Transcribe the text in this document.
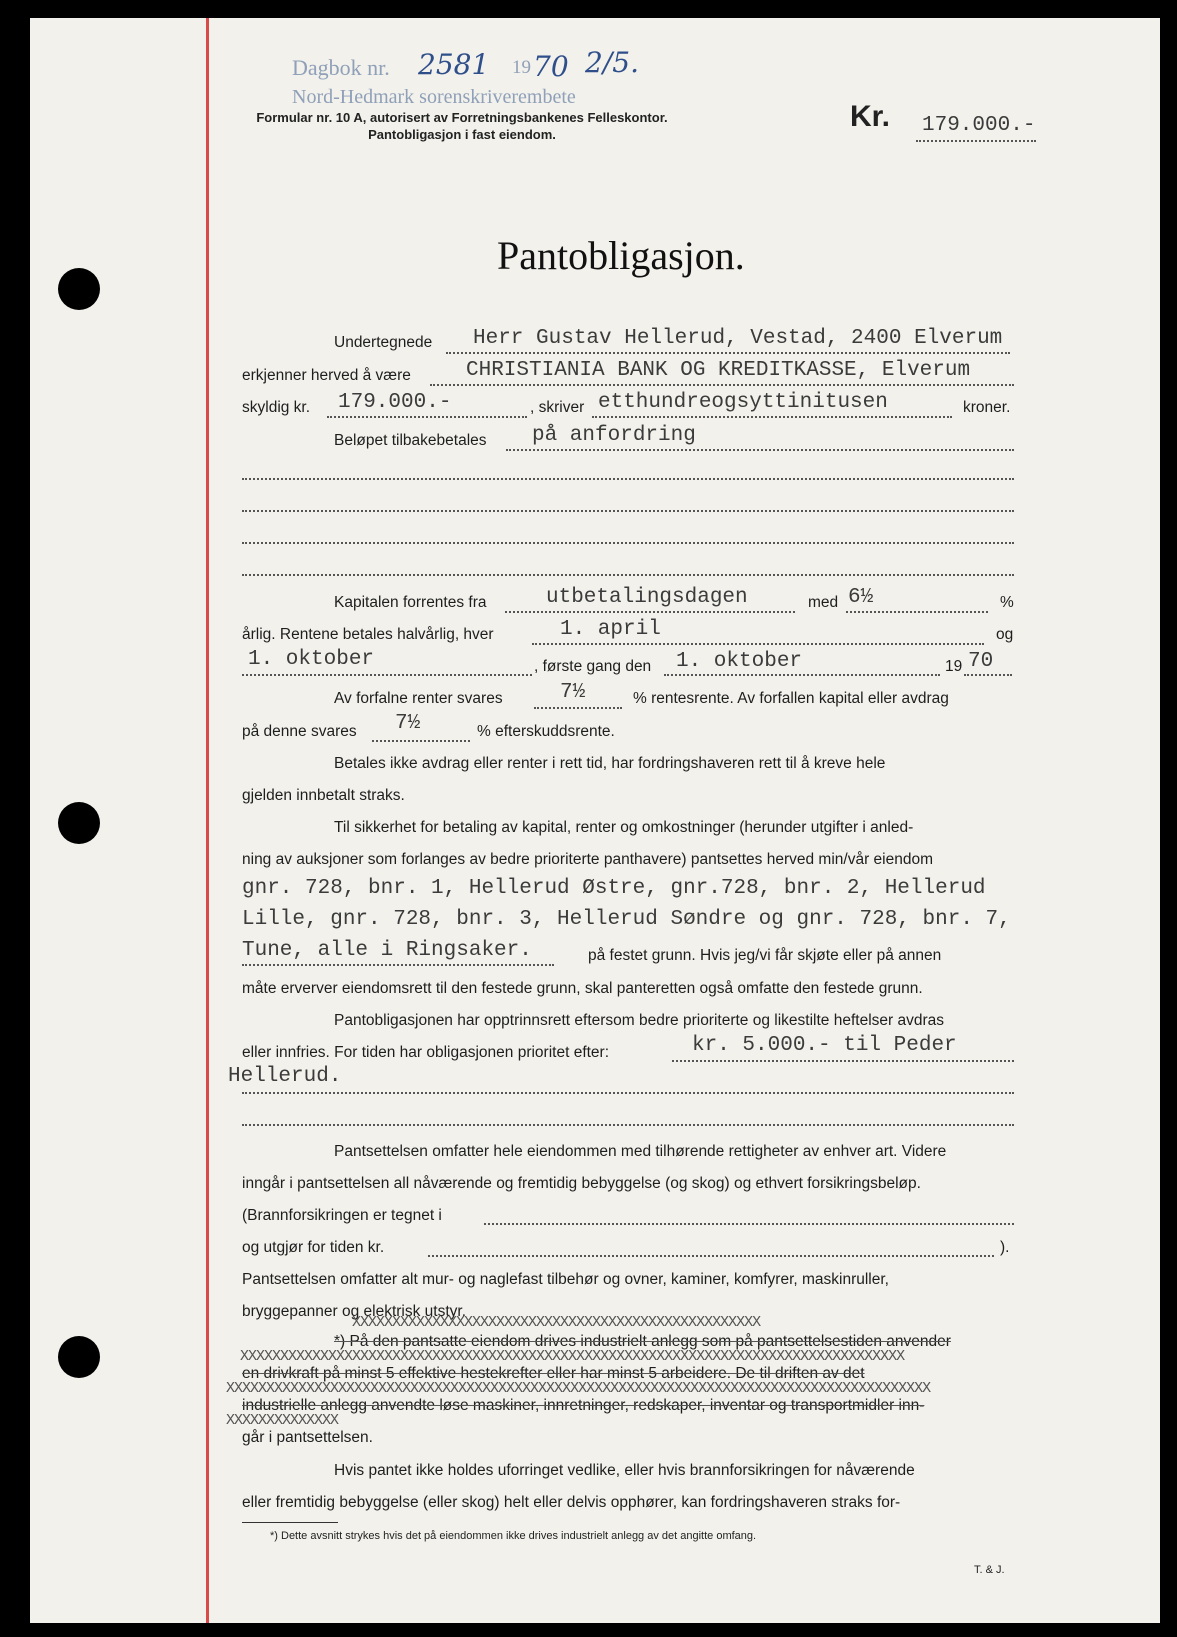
Dagbok nr. 2581 19 70 2/5.
Nord-Hedmark sorenskriverembete
Formular nr. 10 A, autorisert av Forretningsbankenes Felleskontor.
Pantobligasjon i fast eiendom.
Kr. 179.000.-
Pantobligasjon.
Undertegnede Herr Gustav Hellerud, Vestad, 2400 Elverum
erkjenner herved å være	CHRISTIANIA BANK OG KREDITKASSE, Elverum
skyldig kr. 179.000.-	, skriver etthundreogsyttinitusen	kroner.
Beløpet tilbakebetales på anfordring
Kapitalen forrentes fra	utbetalingsdagen	med 6½	%
årlig. Rentene betales halvårlig, hver	1. april	og
1. oktober	, første gang den 1. oktober	19 70
Av forfalne renter svares	7½	% rentesrente. Av forfallen kapital eller avdrag
på denne svares 7½	% efterskuddsrente.
Betales ikke avdrag eller renter i rett tid, har fordringshaveren rett til å kreve hele
gjelden innbetalt straks.
Til sikkerhet for betaling av kapital, renter og omkostninger (herunder utgifter i anled-
ning av auksjoner som forlanges av bedre prioriterte panthavere) pantsettes herved min/vår eiendom
gnr. 728, bnr. 1, Hellerud Østre, gnr.728, bnr. 2, Hellerud
Lille, gnr. 728, bnr. 3, Hellerud Søndre og gnr. 728, bnr. 7,
Tune, alle i Ringsaker.	på festet grunn. Hvis jeg/vi får skjøte eller på annen
måte erverver eiendomsrett til den festede grunn, skal panteretten også omfatte den festede grunn.
Pantobligasjonen har opptrinnsrett eftersom bedre prioriterte og likestilte heftelser avdras
eller innfries. For tiden har obligasjonen prioritet efter:	kr. 5.000.- til Peder
Hellerud.
Pantsettelsen omfatter hele eiendommen med tilhørende rettigheter av enhver art. Videre
inngår i pantsettelsen all nåværende og fremtidig bebyggelse (og skog) og ethvert forsikringsbeløp.
(Brannforsikringen er tegnet i
og utgjør for tiden kr.	).
Pantsettelsen omfatter alt mur- og naglefast tilbehør og ovner, kaminer, komfyrer, maskinruller,
bryggepanner og elektrisk utstyr.
XXXXXXXXXXXXXXXXXXXXXXXXXXXXXXXXXXXXXXXXXXXXXXXXXXX
*) På den pantsatte eiendom drives industrielt anlegg som på pantsettelsestiden anvender
XXXXXXXXXXXXXXXXXXXXXXXXXXXXXXXXXXXXXXXXXXXXXXXXXXXXXXXXXXXXXXXXXXXXXXXXXXXXXXXXXXX
en drivkraft på minst 5 effektive hestekrefter eller har minst 5 arbeidere. De til driften av det
XXXXXXXXXXXXXXXXXXXXXXXXXXXXXXXXXXXXXXXXXXXXXXXXXXXXXXXXXXXXXXXXXXXXXXXXXXXXXXXXXXXXXXXX
industrielle anlegg anvendte løse maskiner, innretninger, redskaper, inventar og transportmidler inn-
XXXXXXXXXXXXXX
går i pantsettelsen.
Hvis pantet ikke holdes uforringet vedlike, eller hvis brannforsikringen for nåværende
eller fremtidig bebyggelse (eller skog) helt eller delvis opphører, kan fordringshaveren straks for-
*) Dette avsnitt strykes hvis det på eiendommen ikke drives industrielt anlegg av det angitte omfang.
T. & J.
